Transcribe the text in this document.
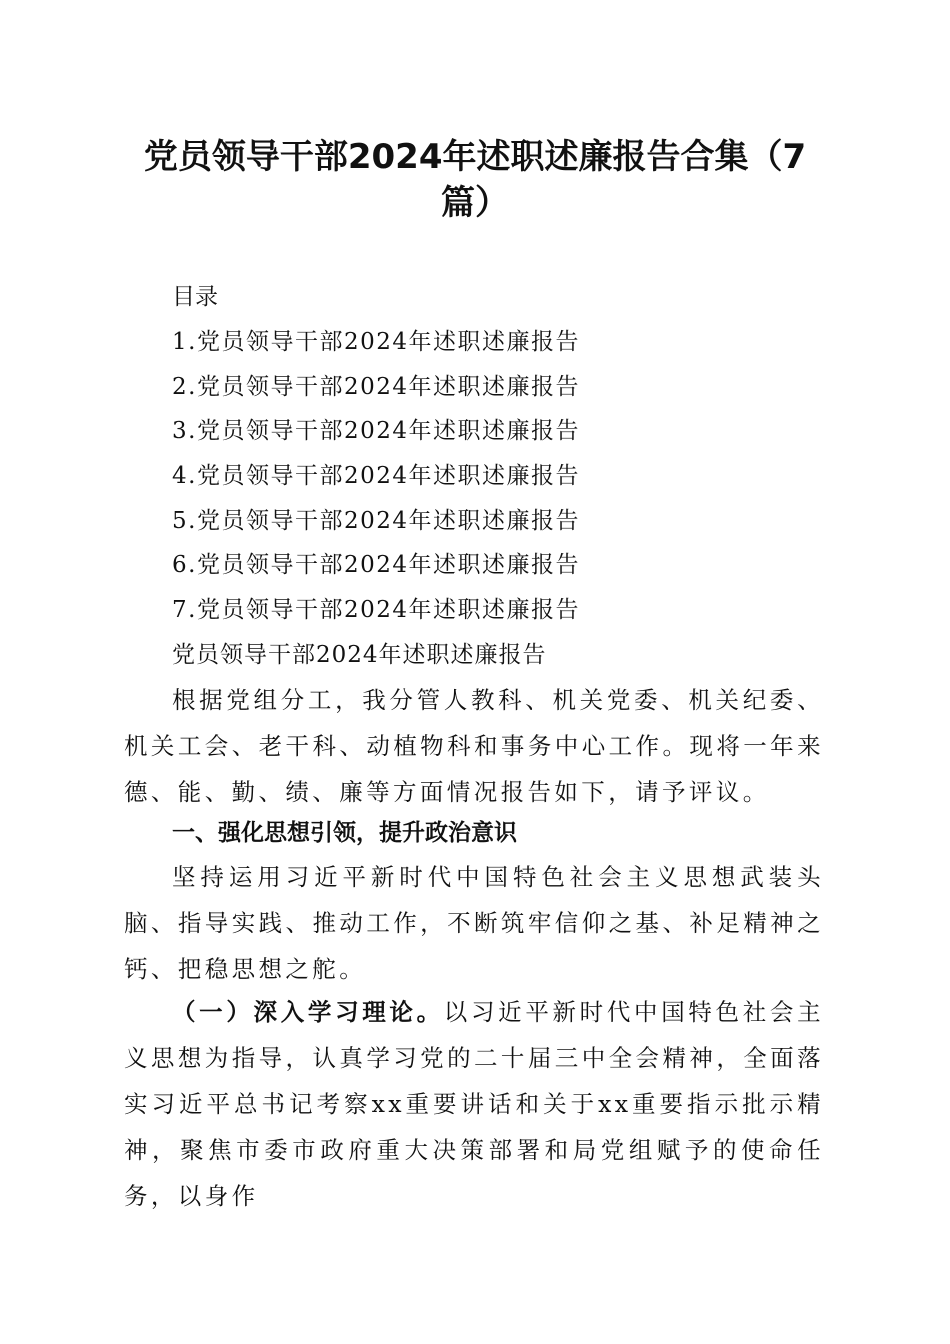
党员领导干部2024年述职述廉报告合集（7篇）

目录

1.党员领导干部2024年述职述廉报告
2.党员领导干部2024年述职述廉报告
3.党员领导干部2024年述职述廉报告
4.党员领导干部2024年述职述廉报告
5.党员领导干部2024年述职述廉报告
6.党员领导干部2024年述职述廉报告
7.党员领导干部2024年述职述廉报告

党员领导干部2024年述职述廉报告

根据党组分工，我分管人教科、机关党委、机关纪委、机关工会、老干科、动植物科和事务中心工作。现将一年来德、能、勤、绩、廉等方面情况报告如下，请予评议。

一、强化思想引领，提升政治意识

坚持运用习近平新时代中国特色社会主义思想武装头脑、指导实践、推动工作，不断筑牢信仰之基、补足精神之钙、把稳思想之舵。

（一）深入学习理论。以习近平新时代中国特色社会主义思想为指导，认真学习党的二十届三中全会精神，全面落实习近平总书记考察xx重要讲话和关于xx重要指示批示精神，聚焦市委市政府重大决策部署和局党组赋予的使命任务，以身作
